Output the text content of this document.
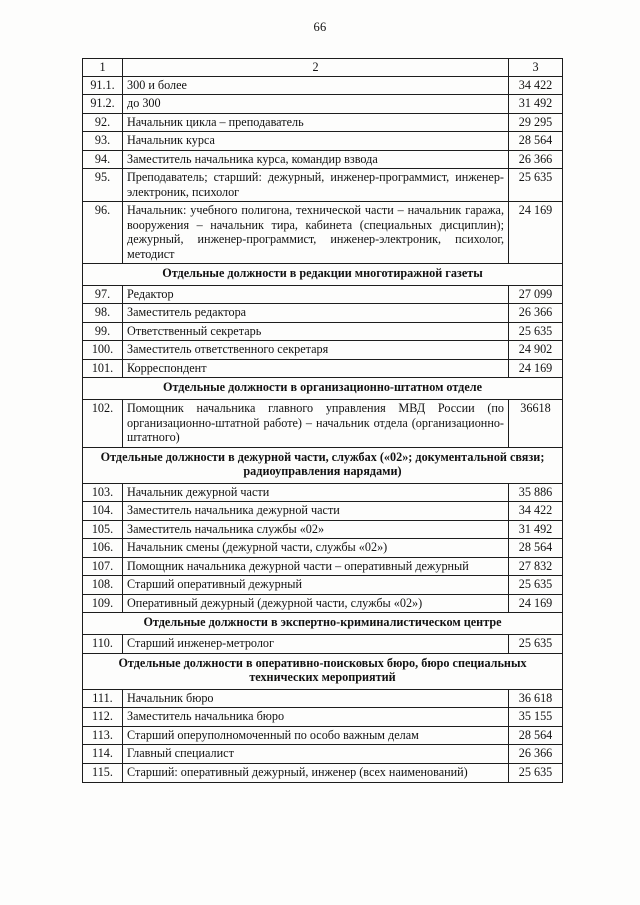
66
1	2	3
91.1.	300 и более	34 422
91.2.	до 300	31 492
92.	Начальник цикла – преподаватель	29 295
93.	Начальник курса	28 564
94.	Заместитель начальника курса, командир взвода	26 366
95.	Преподаватель; старший: дежурный, инженер-программист, инженер-электроник, психолог	25 635
96.	Начальник: учебного полигона, технической части – начальник гаража, вооружения – начальник тира, кабинета (специальных дисциплин); дежурный, инженер-программист, инженер-электроник, психолог, методист	24 169

Отдельные должности в редакции многотиражной газеты		

97.	Редактор	27 099
98.	Заместитель редактора	26 366
99.	Ответственный секретарь	25 635
100.	Заместитель ответственного секретаря	24 902
101.	Корреспондент	24 169

Отдельные должности в организационно-штатном отделе		

102.	Помощник начальника главного управления МВД России (по организационно-штатной работе) – начальник отдела (организационно-штатного)	36618

Отдельные должности в дежурной части, службах («02»; документальной связи; радиоуправления нарядами)		

103.	Начальник дежурной части	35 886
104.	Заместитель начальника дежурной части	34 422
105.	Заместитель начальника службы «02»	31 492
106.	Начальник смены (дежурной части, службы «02»)	28 564
107.	Помощник начальника дежурной части – оперативный дежурный	27 832
108.	Старший оперативный дежурный	25 635
109.	Оперативный дежурный (дежурной части, службы «02»)	24 169

Отдельные должности в экспертно-криминалистическом центре		

110.	Старший инженер-метролог	25 635

Отдельные должности в оперативно-поисковых бюро, бюро специальных технических мероприятий		

111.	Начальник бюро	36 618
112.	Заместитель начальника бюро	35 155
113.	Старший оперуполномоченный по особо важным делам	28 564
114.	Главный специалист	26 366
115.	Старший: оперативный дежурный, инженер (всех наименований)	25 635
